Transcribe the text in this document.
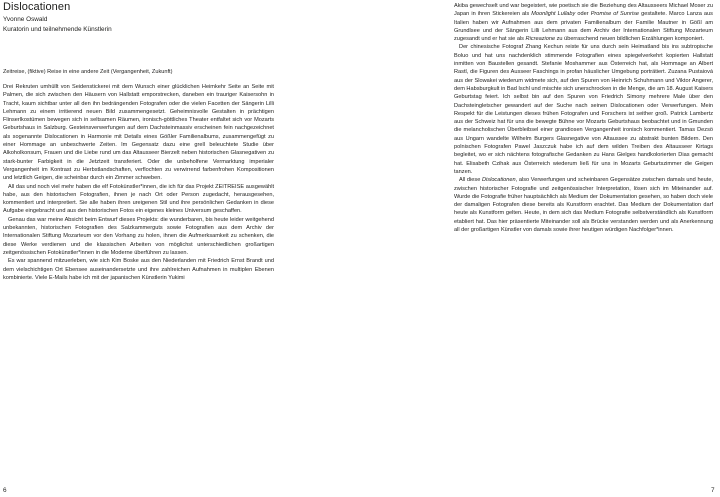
Dislocationen
Yvonne Oswald
Kuratorin und teilnehmende Künstlerin
Zeitreise, (fiktive) Reise in eine andere Zeit (Vergangenheit, Zukunft)

Drei Rekruten umhüllt von Seidenstickerei mit dem Wunsch einer glücklichen Heimkehr Seite an Seite mit Palmen, die sich zwischen den Häusern von Hallstatt emporstrecken, daneben ein trauriger Kaisersohn in Tracht, kaum sichtbar unter all den ihn bedrängenden Fotografen oder die vielen Facetten der Sängerin Lilli Lehmann zu einem irritierend neuen Bild zusammengesetzt. Geheimnisvolle Gestalten in prächtigen Flinserlkostümen bewegen sich in seltsamen Räumen, ironisch-göttliches Theater entfaltet sich vor Mozarts Geburtshaus in Salzburg. Gesteinsverwerfungen auf dem Dachsteinmassiv erscheinen fein nachgezeichnet als sogenannte Dislocationen in Harmonie mit Details eines Gößler Familienalbums, zusammengefügt zu einer Hommage an unbeschwerte Zeiten. Im Gegensatz dazu eine grell beleuchtete Studie über Alkoholkonsum, Frauen und die Liebe rund um das Altausseer Bierzelt neben historischen Glasnegativen zu stark-bunter Farbigkeit in die Jetztzeit transferiert. Oder die unbeholfene Vermarktung imperialer Vergangenheit im Kontrast zu Herbstlandschaften, verflochten zu verwirrend farbenfrohen Kompositionen und letztlich Geigen, die scheinbar durch ein Zimmer schweben.

All das und noch viel mehr haben die elf Fotokünstler*innen, die ich für das Projekt ZEITREISE ausgewählt habe, aus den historischen Fotografien, ihnen je nach Ort oder Person zugedacht, herausgesehen, kommentiert und interpretiert. Sie alle haben ihren ureigenen Stil und ihre persönlichen Gedanken in diese Aufgabe eingebracht und aus den historischen Fotos ein eigenes kleines Universum geschaffen.

Genau das war meine Absicht beim Entwurf dieses Projekts: die wunderbaren, bis heute leider weitgehend unbekannten, historischen Fotografien des Salzkammerguts sowie Fotografien aus dem Archiv der Internationalen Stiftung Mozarteum vor den Vorhang zu holen, ihnen die Aufmerksamkeit zu schenken, die diese Werke verdienen und die klassischen Arbeiten von möglichst unterschiedlichen großartigen zeitgenössischen Fotokünstler*innen in die Moderne überführen zu lassen.

Es war spannend mitzuerleben, wie sich Kim Boske aus den Niederlanden mit Friedrich Ernst Brandt und dem vielschichtigen Ort Ebensee auseinandersetzte und ihre zahlreichen Aufnahmen in multiplen Ebenen kombinierte. Viele E-Mails habe ich mit der japanischen Künstlerin Yukimi

6

Akiba gewechselt und war begeistert, wie poetisch sie die Beziehung des Altausseers Michael Moser zu Japan in ihren Stickereien als Moonlight Lullaby oder Promise of Sunrise gestaltete. Marco Lanza aus Italien haben wir Aufnahmen aus dem privaten Familienalbum der Familie Mautner in Gößl am Grundlsee und der Sängerin Lilli Lehmann aus dem Archiv der Internationalen Stiftung Mozarteum zugesandt und er hat sie als Ricreazione zu überraschend neuen bildlichen Erzählungen komponiert.

Der chinesische Fotograf Zhang Kechun reiste für uns durch sein Heimatland bis ins subtropische Boluo und hat uns nachdenklich stimmende Fotografien eines spiegelverkehrt kopierten Hallstatt inmitten von Baustellen gesandt. Stefanie Moshammer aus Österreich hat, als Hommage an Albert Rastl, die Figuren des Ausseer Faschings in profan häuslicher Umgebung porträtiert. Zuzana Pustaiová aus der Slowakei wiederum widmete sich, auf den Spuren von Heinrich Schuhmann und Viktor Angerer, dem Habsburgkult in Bad Ischl und mischte sich unerschrocken in die Menge, die am 18. August Kaisers Geburtstag feiert. Ich selbst bin auf den Spuren von Friedrich Simony mehrere Male über den Dachsteingletscher gewandert auf der Suche nach seinen Dislocationen oder Verwerfungen. Mein Respekt für die Leistungen dieses frühen Fotografen und Forschers ist seither groß. Patrick Lambertz aus der Schweiz hat für uns die bewegte Bühne vor Mozarts Geburtshaus beobachtet und in Gmunden die melancholischen Überbleibsel einer grandiosen Vergangenheit ironisch kommentiert. Tamas Dezsö aus Ungarn wandelte Wilhelm Burgers Glasnegative von Altaussee zu abstrakt bunten Bildern. Den polnischen Fotografen Pawel Jaszczuk habe ich auf dem wilden Treiben des Altausseer Kirtags begleitet, wo er sich nächtens fotografische Gedanken zu Hans Gielges handkolorierten Dias gemacht hat. Elisabeth Czihak aus Österreich wiederum ließ für uns in Mozarts Geburtszimmer die Geigen tanzen.

All diese Dislocationen, also Verwerfungen und scheinbaren Gegensätze zwischen damals und heute, zwischen historischer Fotografie und zeitgenössischer Interpretation, lösen sich im Miteinander auf. Wurde die Fotografie früher hauptsächlich als Medium der Dokumentation gesehen, so haben doch viele der damaligen Fotografen diese bereits als Kunstform erachtet. Das Medium der Dokumentation darf heute als Kunstform gelten. Heute, in dem sich das Medium Fotografie selbstverständlich als Kunstform etabliert hat. Das hier präsentierte Miteinander soll als Brücke verstanden werden und als Anerkennung all der großartigen Künstler von damals sowie ihrer heutigen würdigen Nachfolger*innen.

7
